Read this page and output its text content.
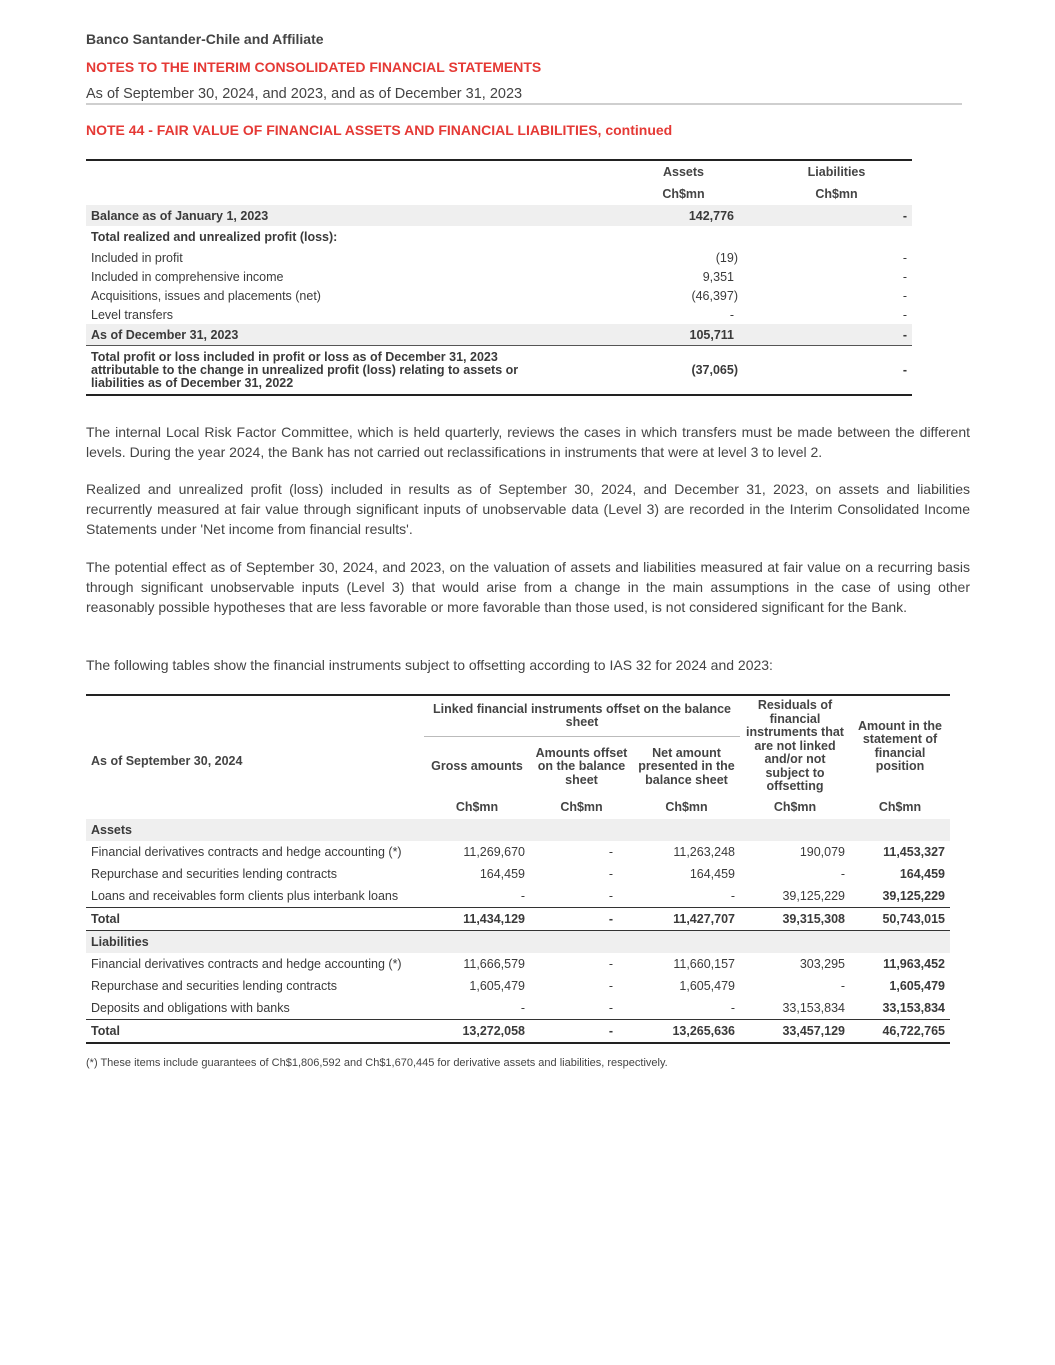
Banco Santander-Chile and Affiliate
NOTES TO THE INTERIM CONSOLIDATED FINANCIAL STATEMENTS
As of September 30, 2024, and 2023, and as of December 31, 2023
NOTE 44 - FAIR VALUE OF FINANCIAL ASSETS AND FINANCIAL LIABILITIES, continued
	Assets	Liabilities
	Ch$mn	Ch$mn
Balance as of January 1, 2023	142,776	-
Total realized and unrealized profit (loss):		
Included in profit	(19)	-
Included in comprehensive income	9,351	-
Acquisitions, issues and placements (net)	(46,397)	-
Level transfers	-	-
As of December 31, 2023	105,711	-
Total profit or loss included in profit or loss as of December 31, 2023 attributable to the change in unrealized profit (loss) relating to assets or liabilities as of December 31, 2022	(37,065)	-
The internal Local Risk Factor Committee, which is held quarterly, reviews the cases in which transfers must be made between the different levels. During the year 2024, the Bank has not carried out reclassifications in instruments that were at level 3 to level 2.
Realized and unrealized profit (loss) included in results as of September 30, 2024, and December 31, 2023, on assets and liabilities recurrently measured at fair value through significant inputs of unobservable data (Level 3) are recorded in the Interim Consolidated Income Statements under 'Net income from financial results'.
The potential effect as of September 30, 2024, and 2023, on the valuation of assets and liabilities measured at fair value on a recurring basis through significant unobservable inputs (Level 3) that would arise from a change in the main assumptions in the case of using other reasonably possible hypotheses that are less favorable or more favorable than those used, is not considered significant for the Bank.
The following tables show the financial instruments subject to offsetting according to IAS 32 for 2024 and 2023:
As of September 30, 2024	Linked financial instruments offset on the balance sheet			Residuals of financial instruments that are not linked and/or not subject to offsetting	Amount in the statement of financial position
	Gross amounts	Amounts offset on the balance sheet	Net amount presented in the balance sheet		
	Ch$mn	Ch$mn	Ch$mn	Ch$mn	Ch$mn
Assets					
Financial derivatives contracts and hedge accounting (*)	11,269,670	-	11,263,248	190,079	11,453,327
Repurchase and securities lending contracts	164,459	-	164,459	-	164,459
Loans and receivables form clients plus interbank loans	-	-	-	39,125,229	39,125,229
Total	11,434,129	-	11,427,707	39,315,308	50,743,015
Liabilities					
Financial derivatives contracts and hedge accounting (*)	11,666,579	-	11,660,157	303,295	11,963,452
Repurchase and securities lending contracts	1,605,479	-	1,605,479	-	1,605,479
Deposits and obligations with banks	-	-	-	33,153,834	33,153,834
Total	13,272,058	-	13,265,636	33,457,129	46,722,765
(*) These items include guarantees of Ch$1,806,592 and Ch$1,670,445 for derivative assets and liabilities, respectively.
